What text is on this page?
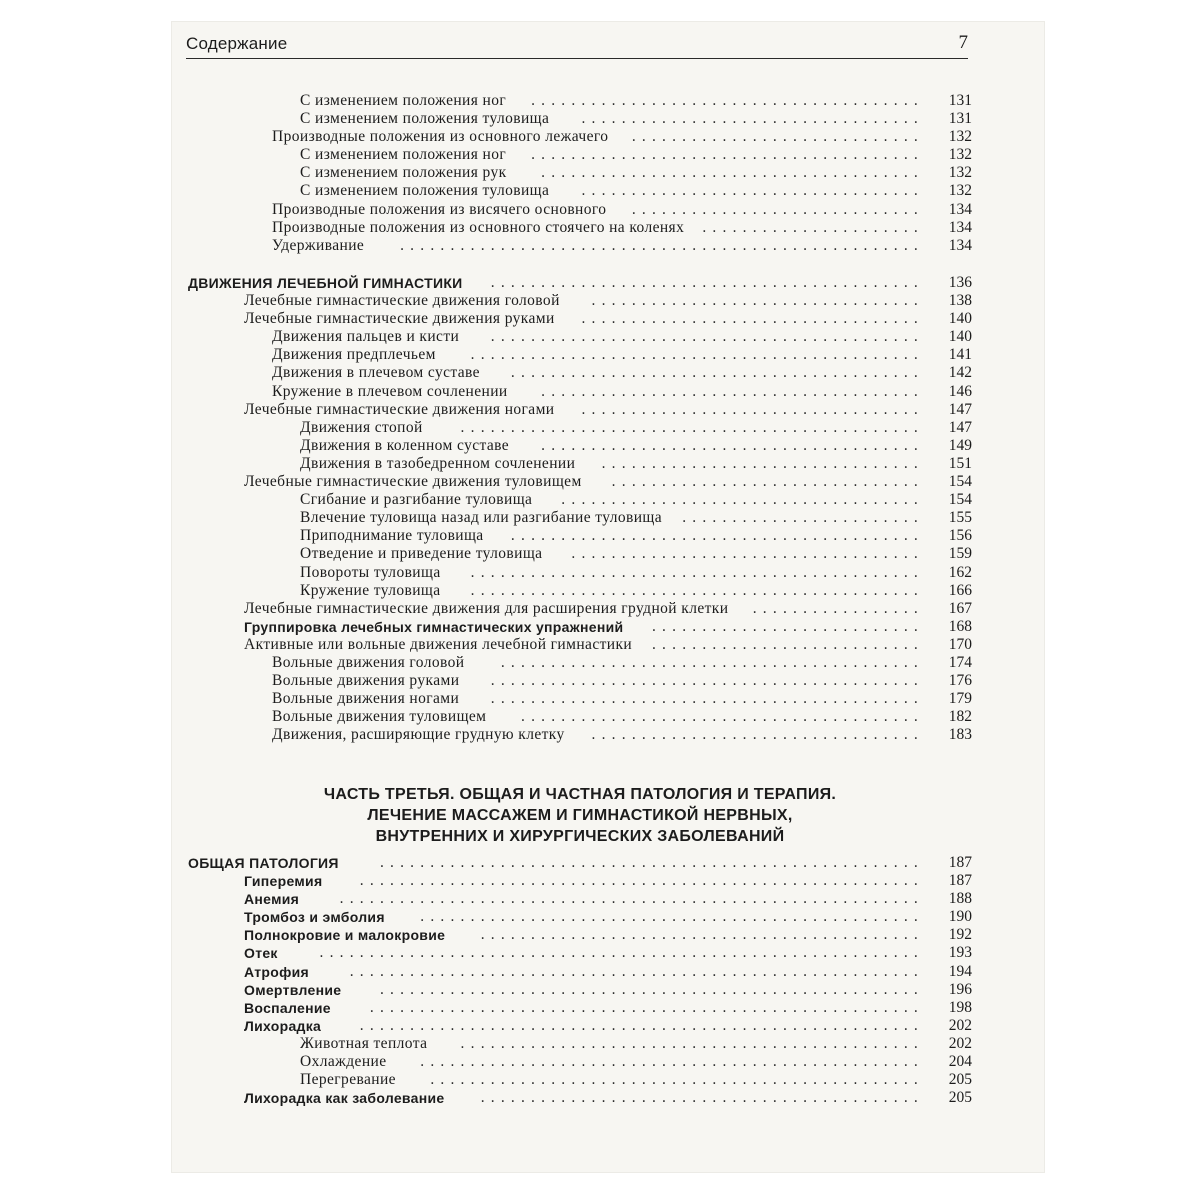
Содержание	7
С изменением положения ног	.......................................	131
С изменением положения туловища	..................................	131
Производные положения из основного лежачего	.............................	132
С изменением положения ног	.......................................	132
С изменением положения рук	......................................	132
С изменением положения туловища	..................................	132
Производные положения из висячего основного	.............................	134
Производные положения из основного стоячего на коленях	......................	134
Удерживание	....................................................	134
ДВИЖЕНИЯ ЛЕЧЕБНОЙ ГИМНАСТИКИ	...........................................	136
Лечебные гимнастические движения головой	.................................	138
Лечебные гимнастические движения руками	..................................	140
Движения пальцев и кисти	...........................................	140
Движения предплечьем	.............................................	141
Движения в плечевом суставе	.........................................	142
Кружение в плечевом сочленении	......................................	146
Лечебные гимнастические движения ногами	..................................	147
Движения стопой	..............................................	147
Движения в коленном суставе	......................................	149
Движения в тазобедренном сочленении	................................	151
Лечебные гимнастические движения туловищем	...............................	154
Сгибание и разгибание туловища	....................................	154
Влечение туловища назад или разгибание туловища	........................	155
Приподнимание туловища	.........................................	156
Отведение и приведение туловища	...................................	159
Повороты туловища	.............................................	162
Кружение туловища	.............................................	166
Лечебные гимнастические движения для расширения грудной клетки	.................	167
Группировка лечебных гимнастических упражнений	...........................	168
Активные или вольные движения лечебной гимнастики	...........................	170
Вольные движения головой	..........................................	174
Вольные движения руками	...........................................	176
Вольные движения ногами	...........................................	179
Вольные движения туловищем	........................................	182
Движения, расширяющие грудную клетку	.................................	183
ЧАСТЬ ТРЕТЬЯ. ОБЩАЯ И ЧАСТНАЯ ПАТОЛОГИЯ И ТЕРАПИЯ.
ЛЕЧЕНИЕ МАССАЖЕМ И ГИМНАСТИКОЙ НЕРВНЫХ,
ВНУТРЕННИХ И ХИРУРГИЧЕСКИХ ЗАБОЛЕВАНИЙ
ОБЩАЯ ПАТОЛОГИЯ	......................................................	187
Гиперемия	........................................................	187
Анемия	..........................................................	188
Тромбоз и эмболия	..................................................	190
Полнокровие и малокровие	............................................	192
Отек	............................................................	193
Атрофия	.........................................................	194
Омертвление	......................................................	196
Воспаление	.......................................................	198
Лихорадка	........................................................	202
Животная теплота	..............................................	202
Охлаждение	..................................................	204
Перегревание	.................................................	205
Лихорадка как заболевание	............................................	205
